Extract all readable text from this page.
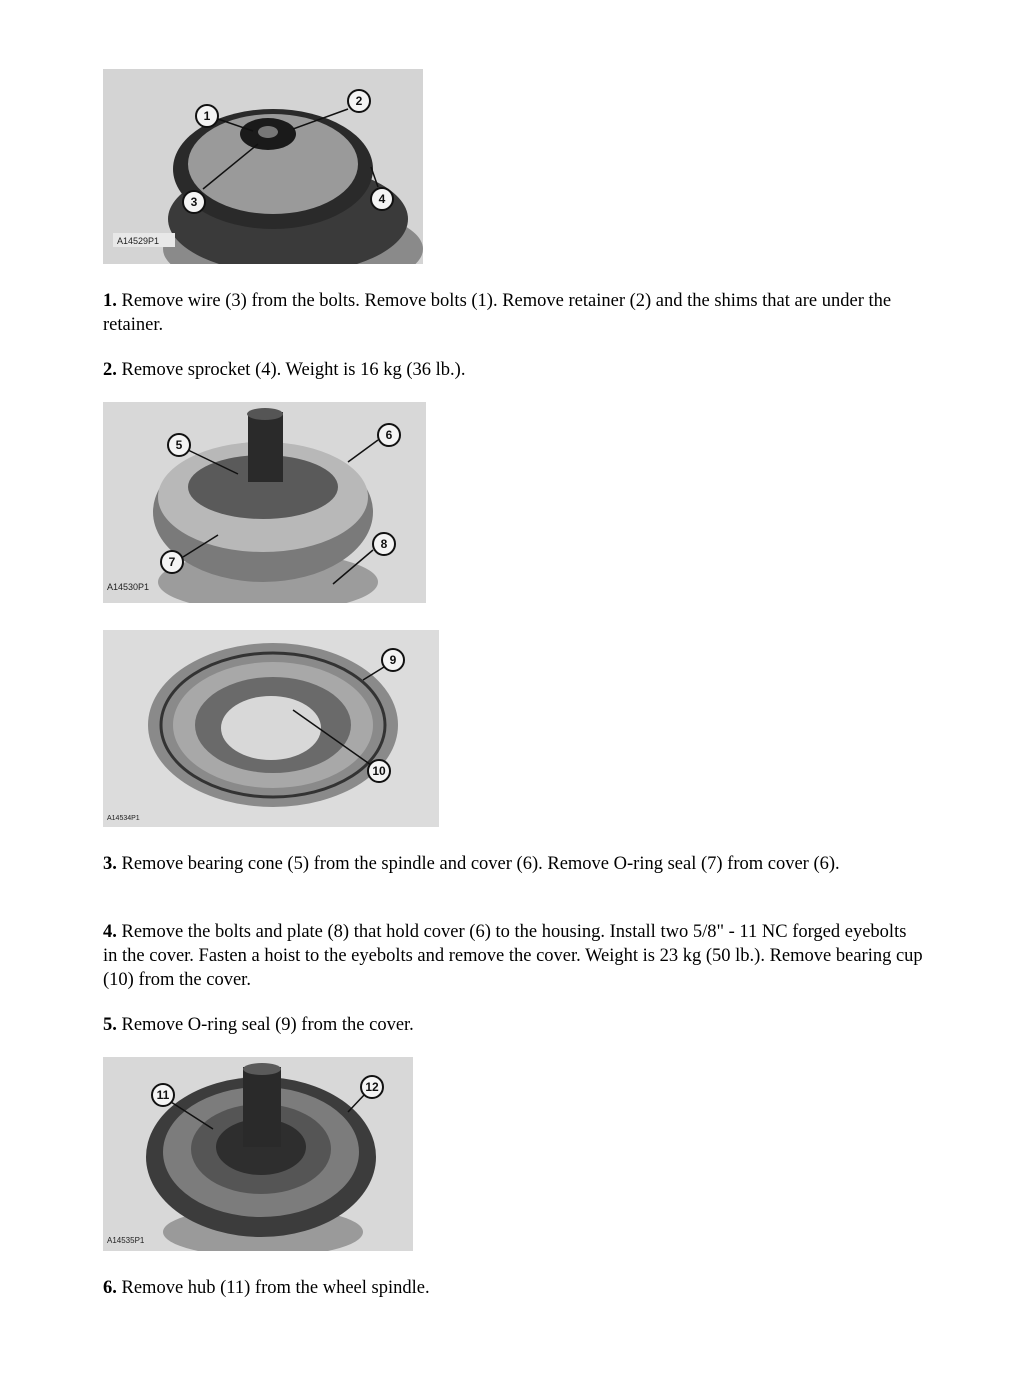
1
2
3	4
A14529P1

1. Remove wire (3) from the bolts. Remove bolts (1). Remove retainer (2) and the shims that are under the retainer.

2. Remove sprocket (4). Weight is 16 kg (36 lb.).

5
6
7
8
A14530P1
9
10
A14534P1

3. Remove bearing cone (5) from the spindle and cover (6). Remove O-ring seal (7) from cover (6).

4. Remove the bolts and plate (8) that hold cover (6) to the housing. Install two 5/8" - 11 NC forged eyebolts in the cover. Fasten a hoist to the eyebolts and remove the cover. Weight is 23 kg (50 lb.). Remove bearing cup (10) from the cover.

5. Remove O-ring seal (9) from the cover.

11
12
A14535P1

6. Remove hub (11) from the wheel spindle.
